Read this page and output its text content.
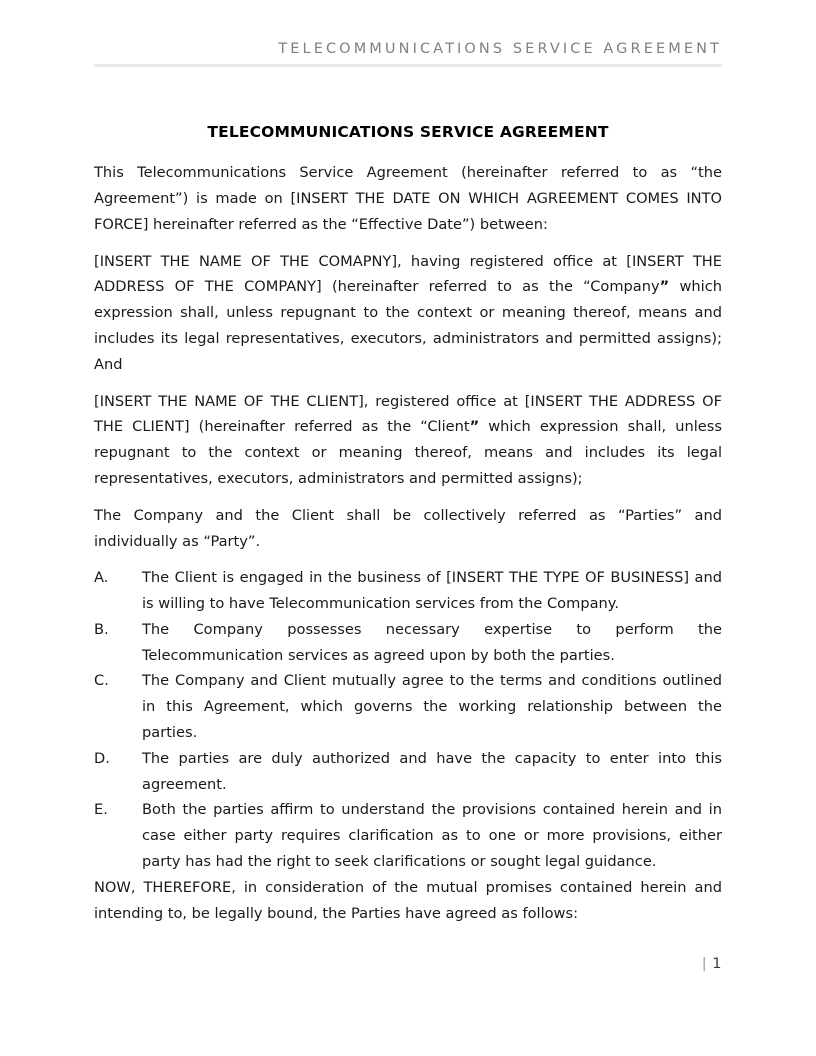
TELECOMMUNICATIONS SERVICE AGREEMENT
TELECOMMUNICATIONS SERVICE AGREEMENT

This Telecommunications Service Agreement (hereinafter referred to as “the Agreement”) is made on [INSERT THE DATE ON WHICH AGREEMENT COMES INTO FORCE] hereinafter referred as the “Effective Date”) between:

[INSERT THE NAME OF THE COMAPNY], having registered office at [INSERT THE ADDRESS OF THE COMPANY] (hereinafter referred to as the “Company” which expression shall, unless repugnant to the context or meaning thereof, means and includes its legal representatives, executors, administrators and permitted assigns); And

[INSERT THE NAME OF THE CLIENT], registered office at [INSERT THE ADDRESS OF THE CLIENT] (hereinafter referred as the “Client” which expression shall, unless repugnant to the context or meaning thereof, means and includes its legal representatives, executors, administrators and permitted assigns);

The Company and the Client shall be collectively referred as “Parties” and individually as “Party”.

A.	The Client is engaged in the business of [INSERT THE TYPE OF BUSINESS] and is willing to have Telecommunication services from the Company.
B.	The Company possesses necessary expertise to perform the Telecommunication services as agreed upon by both the parties.
C.	The Company and Client mutually agree to the terms and conditions outlined in this Agreement, which governs the working relationship between the parties.
D.	The parties are duly authorized and have the capacity to enter into this agreement.
E.	Both the parties affirm to understand the provisions contained herein and in case either party requires clarification as to one or more provisions, either party has had the right to seek clarifications or sought legal guidance.

NOW, THEREFORE, in consideration of the mutual promises contained herein and intending to, be legally bound, the Parties have agreed as follows:

| 1
